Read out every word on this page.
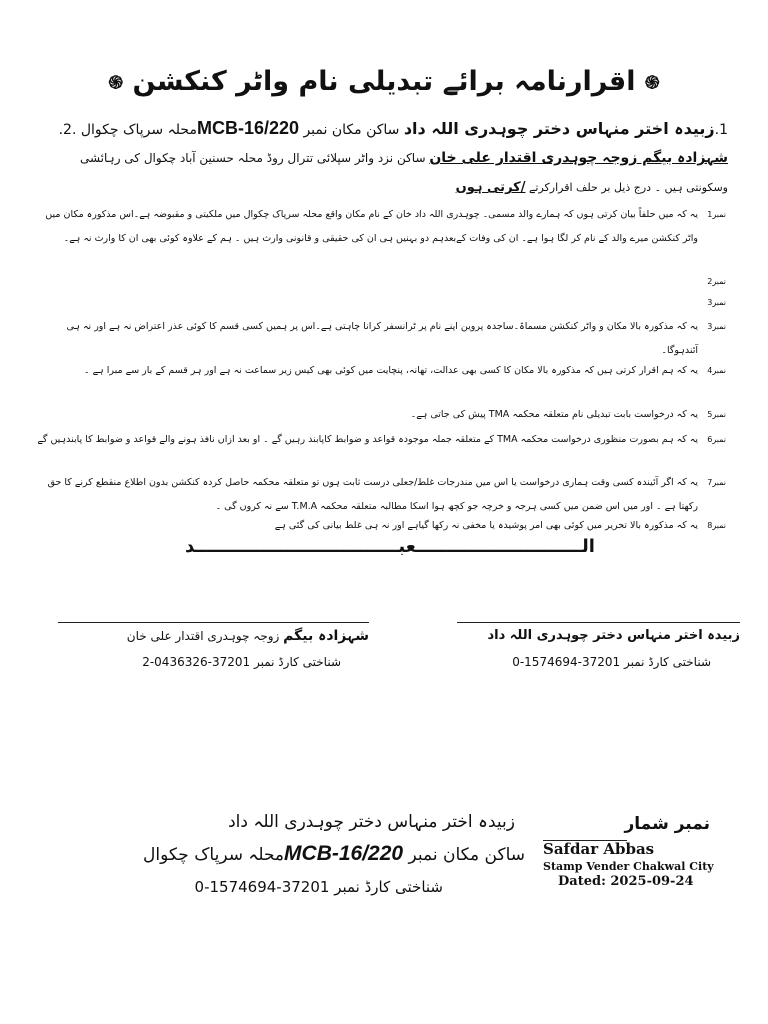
֍ اقرارنامہ برائے تبدیلی نام واٹر کنکشن ֍
1.زبیدہ اختر منہاس دختر چوہدری اللہ داد ساکن مکان نمبر MCB-16/220محلہ سرپاک چکوال .2.
شہزادہ بیگم زوجہ چوہدری اقتدار علی خان ساکن نزد واٹر سپلائی تترال روڈ محلہ حسنین آباد چکوال کی رہائشی
وسکونتی ہیں ۔ درج ذیل بر حلف اقرارکرتے /کرتی ہوں
نمبر1
یہ کہ میں حلفاً بیان کرتی ہوں کہ ہمارے والد مسمی۔ چوہدری اللہ داد خان کے نام مکان واقع محلہ سرپاک چکوال میں ملکیتی و مقبوضہ ہے۔اس مذکورہ مکان میں واٹر کنکشن میرے والد کے نام کر لگا ہوا ہے۔ ان کی وفات کےبعدہم دو بہنیں ہی ان کی حقیقی و قانونی وارث ہیں ۔ ہم کے علاوہ کوئی بھی ان کا وارث نہ ہے۔
نمبر2
نمبر3
نمبر3
یہ کہ مذکورہ بالا مکان و واٹر کنکشن مسماۃ۔ساجدہ پروین اپنے نام پر ٹرانسفر کرانا چاہتی ہے۔اس پر ہمیں کسی قسم کا کوئی عذر اعتراض نہ ہے اور نہ ہی آئندہوگا۔
نمبر4
یہ کہ ہم اقرار کرتی ہیں کہ مذکورہ بالا مکان کا کسی بھی عدالت، تھانہ، پنچایت میں کوئی بھی کیس زیر سماعت نہ ہے اور ہر قسم کے بار سے مبرا ہے ۔
نمبر5
یہ کہ درخواست بابت تبدیلی نام متعلقہ محکمہ TMA پیش کی جاتی ہے۔
نمبر6
یہ کہ ہم بصورت منظوری درخواست محکمہ TMA کے متعلقہ جملہ موجودہ قواعد و ضوابط کاپابند رہیں گے ۔ او بعد ازاں نافذ ہونے والے قواعد و ضوابط کا پابندہیں گے
نمبر7
یہ کہ اگر آئیندہ کسی وقت ہماری درخواست یا اس میں مندرجات غلط/جعلی درست ثابت ہوں تو متعلقہ محکمہ حاصل کردہ کنکشن بدون اطلاع منقطع کرنے کا حق رکھتا ہے ۔ اور میں اس ضمن میں کسی ہرجہ و خرچہ جو کچھ ہوا اسکا مطالبہ متعلقہ محکمہ T.M.A سے نہ کروں گی ۔
نمبر8
یہ کہ مذکورہ بالا تحریر میں کوئی بھی امر پوشیدہ یا مخفی نہ رکھا گیاہے اور نہ ہی غلط بیانی کی گئی ہے
الـــــــــــــــــــــــــــعبـــــــــــــــــــــــــــــــــد
زبیدہ اختر منہاس دختر چوہدری اللہ داد
شناختی کارڈ نمبر 37201-1574694-0
شہزادہ بیگم زوجہ چوہدری اقتدار علی خان
شناختی کارڈ نمبر 37201-0436326-2
نمبر شمار
زبیدہ اختر منہاس دختر چوہدری اللہ داد
ساکن مکان نمبر MCB-16/220محلہ سرپاک چکوال
شناختی کارڈ نمبر 37201-1574694-0
Safdar Abbas
Stamp Vender Chakwal City
Dated: 2025-09-24
